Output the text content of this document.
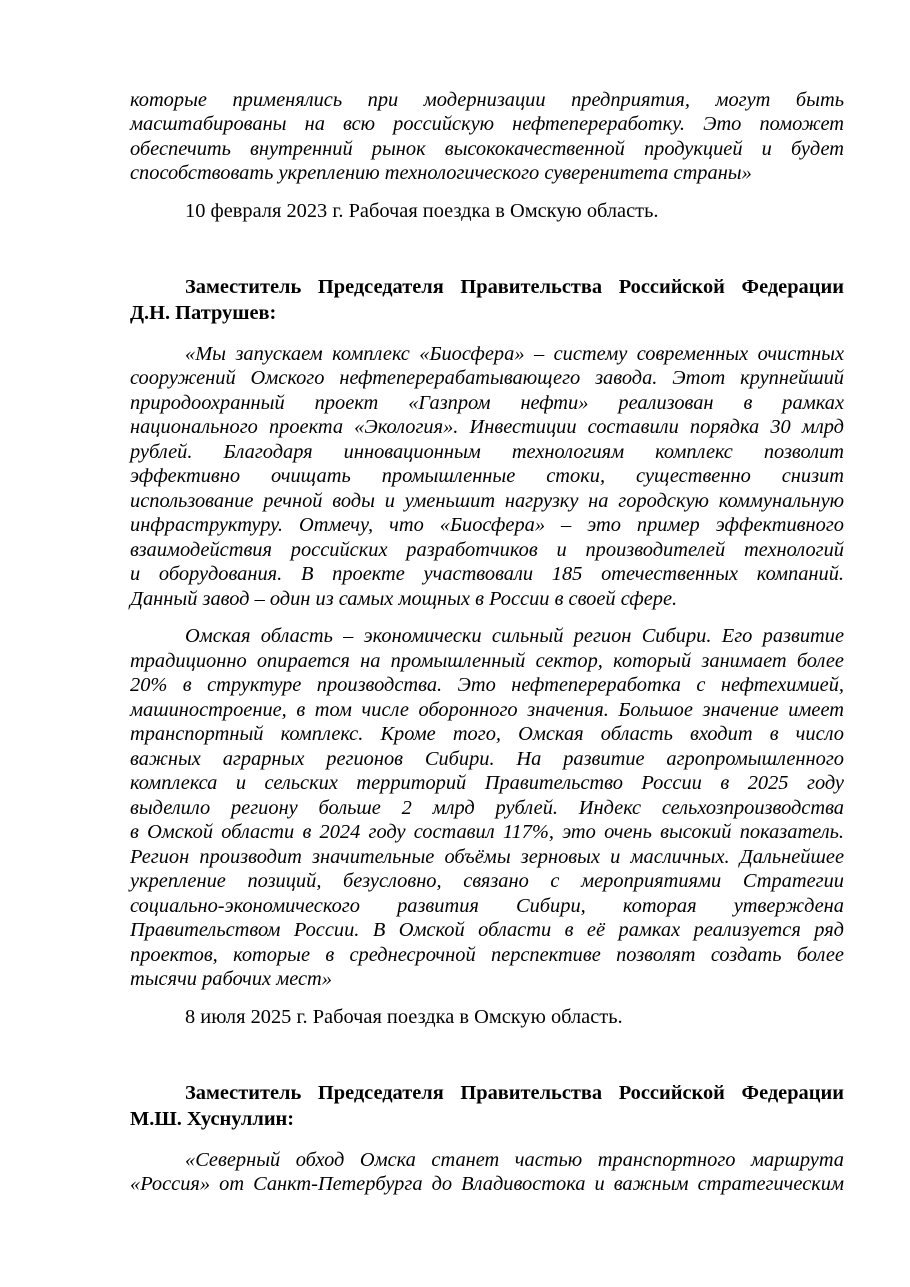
которые применялись при модернизации предприятия, могут быть
масштабированы на всю российскую нефтепереработку. Это поможет
обеспечить внутренний рынок высококачественной продукцией и будет
способствовать укреплению технологического суверенитета страны»
10 февраля 2023 г. Рабочая поездка в Омскую область.
Заместитель Председателя Правительства Российской Федерации
Д.Н. Патрушев:
«Мы запускаем комплекс «Биосфера» – систему современных очистных
сооружений Омского нефтеперерабатывающего завода. Этот крупнейший
природоохранный проект «Газпром нефти» реализован в рамках
национального проекта «Экология». Инвестиции составили порядка 30 млрд
рублей. Благодаря инновационным технологиям комплекс позволит
эффективно очищать промышленные стоки, существенно снизит
использование речной воды и уменьшит нагрузку на городскую коммунальную
инфраструктуру. Отмечу, что «Биосфера» – это пример эффективного
взаимодействия российских разработчиков и производителей технологий
и оборудования. В проекте участвовали 185 отечественных компаний.
Данный завод – один из самых мощных в России в своей сфере.
Омская область – экономически сильный регион Сибири. Его развитие
традиционно опирается на промышленный сектор, который занимает более
20% в структуре производства. Это нефтепереработка с нефтехимией,
машиностроение, в том числе оборонного значения. Большое значение имеет
транспортный комплекс. Кроме того, Омская область входит в число
важных аграрных регионов Сибири. На развитие агропромышленного
комплекса и сельских территорий Правительство России в 2025 году
выделило региону больше 2 млрд рублей. Индекс сельхозпроизводства
в Омской области в 2024 году составил 117%, это очень высокий показатель.
Регион производит значительные объёмы зерновых и масличных. Дальнейшее
укрепление позиций, безусловно, связано с мероприятиями Стратегии
социально-экономического развития Сибири, которая утверждена
Правительством России. В Омской области в её рамках реализуется ряд
проектов, которые в среднесрочной перспективе позволят создать более
тысячи рабочих мест»
8 июля 2025 г. Рабочая поездка в Омскую область.
Заместитель Председателя Правительства Российской Федерации
М.Ш. Хуснуллин:
«Северный обход Омска станет частью транспортного маршрута
«Россия» от Санкт-Петербурга до Владивостока и важным стратегическим
